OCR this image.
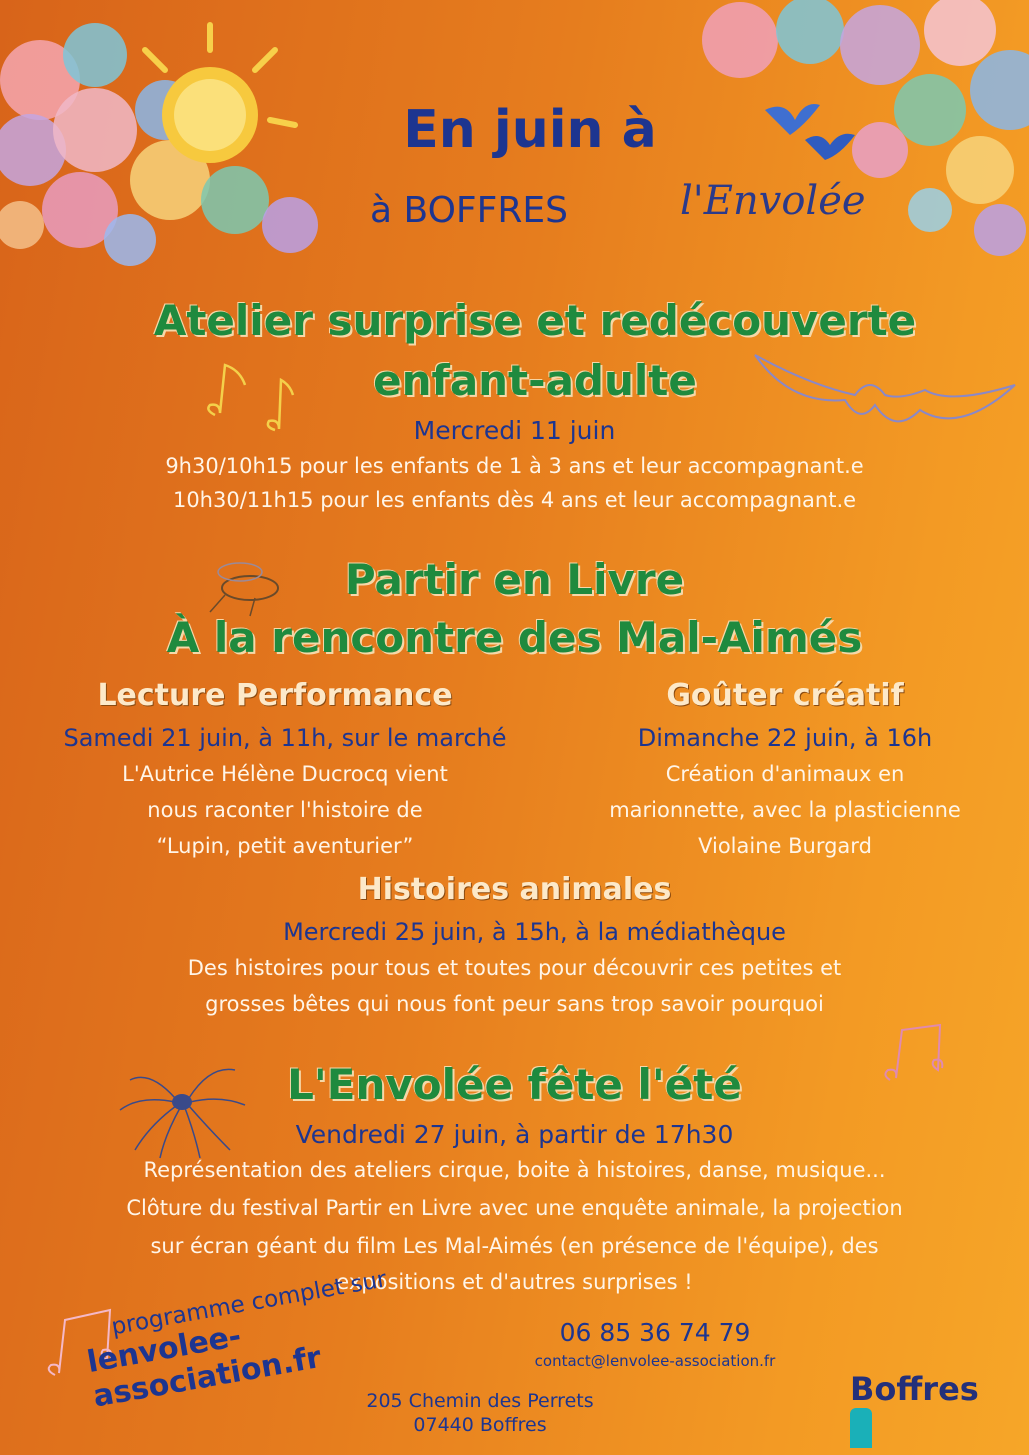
En juin à
à BOFFRES	l'Envolée
Atelier surprise et redécouverte
enfant-adulte
Mercredi 11 juin
9h30/10h15 pour les enfants de 1 à 3 ans et leur accompagnant.e
10h30/11h15 pour les enfants dès 4 ans et leur accompagnant.e
Partir en Livre
À la rencontre des Mal-Aimés
Lecture Performance
Samedi 21 juin, à 11h, sur le marché
L'Autrice Hélène Ducrocq vient
nous raconter l'histoire de
“Lupin, petit aventurier”
Goûter créatif
Dimanche 22 juin, à 16h
Création d'animaux en
marionnette, avec la plasticienne
Violaine Burgard
Histoires animales
Mercredi 25 juin, à 15h, à la médiathèque
Des histoires pour tous et toutes pour découvrir ces petites et
grosses bêtes qui nous font peur sans trop savoir pourquoi
L'Envolée fête l'été
Vendredi 27 juin, à partir de 17h30
Représentation des ateliers cirque, boite à histoires, danse, musique...
Clôture du festival Partir en Livre avec une enquête animale, la projection
sur écran géant du film Les Mal-Aimés (en présence de l'équipe), des
expositions et d'autres surprises !
programme complet sur
lenvolee-association.fr
06 85 36 74 79
contact@lenvolee-association.fr
205 Chemin des Perrets
07440 Boffres
Boffres
